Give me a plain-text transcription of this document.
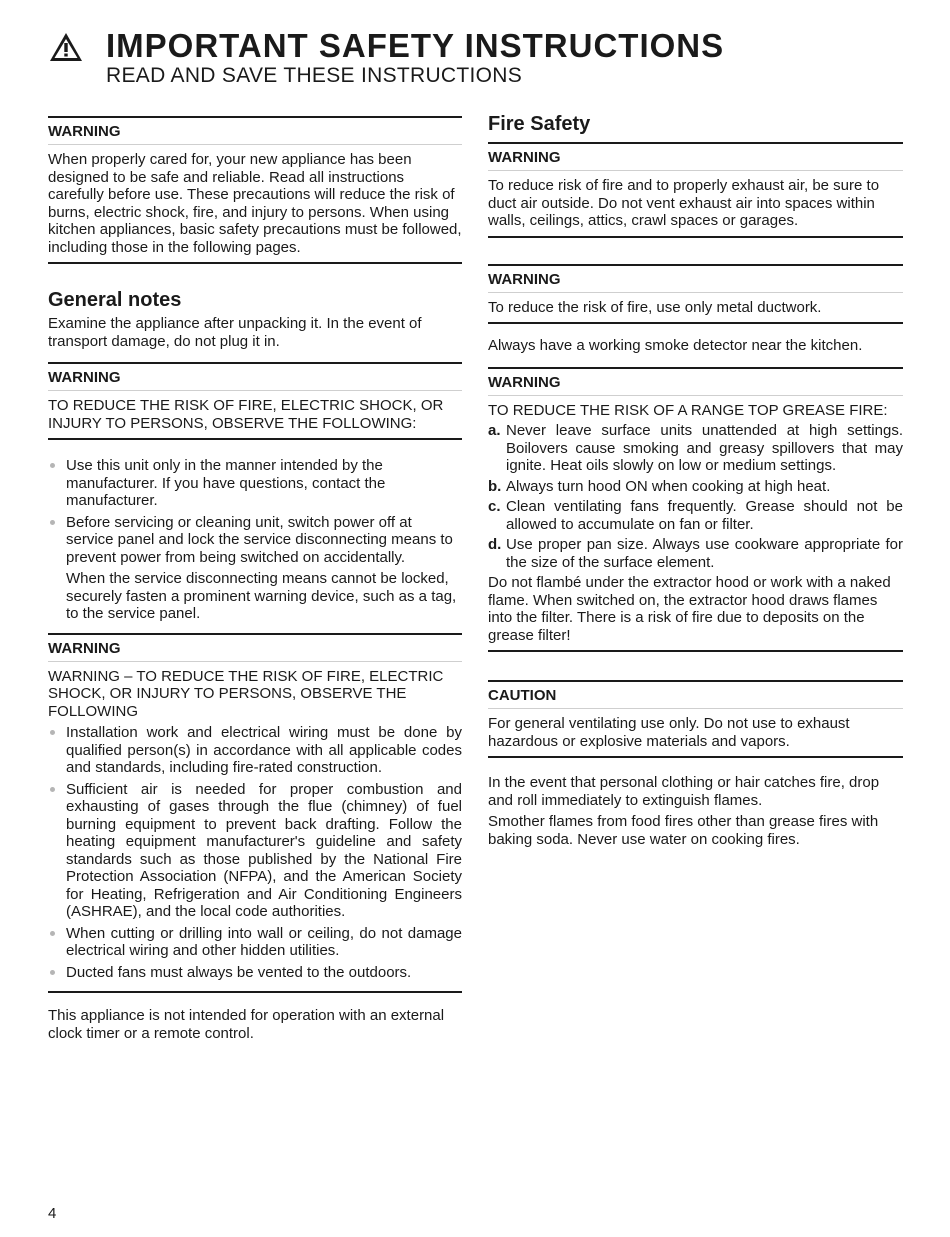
IMPORTANT SAFETY INSTRUCTIONS
READ AND SAVE THESE INSTRUCTIONS
WARNING

When properly cared for, your new appliance has been designed to be safe and reliable. Read all instructions carefully before use. These precautions will reduce the risk of burns, electric shock, fire, and injury to persons. When using kitchen appliances, basic safety precautions must be followed, including those in the following pages.

General notes

Examine the appliance after unpacking it. In the event of transport damage, do not plug it in.

WARNING

TO REDUCE THE RISK OF FIRE, ELECTRIC SHOCK, OR INJURY TO PERSONS, OBSERVE THE FOLLOWING:

Use this unit only in the manner intended by the manufacturer. If you have questions, contact the manufacturer.
Before servicing or cleaning unit, switch power off at service panel and lock the service disconnecting means to prevent power from being switched on accidentally.
When the service disconnecting means cannot be locked, securely fasten a prominent warning device, such as a tag, to the service panel.
WARNING

WARNING – TO REDUCE THE RISK OF FIRE, ELECTRIC SHOCK, OR INJURY TO PERSONS, OBSERVE THE FOLLOWING

Installation work and electrical wiring must be done by qualified person(s) in accordance with all applicable codes and standards, including fire-rated construction.
Sufficient air is needed for proper combustion and exhausting of gases through the flue (chimney) of fuel burning equipment to prevent back drafting. Follow the heating equipment manufacturer's guideline and safety standards such as those published by the National Fire Protection Association (NFPA), and the American Society for Heating, Refrigeration and Air Conditioning Engineers (ASHRAE), and the local code authorities.
When cutting or drilling into wall or ceiling, do not damage electrical wiring and other hidden utilities.
Ducted fans must always be vented to the outdoors.

This appliance is not intended for operation with an external clock timer or a remote control.

Fire Safety
WARNING

To reduce risk of fire and to properly exhaust air, be sure to duct air outside. Do not vent exhaust air into spaces within walls, ceilings, attics, crawl spaces or garages.

WARNING

To reduce the risk of fire, use only metal ductwork.

Always have a working smoke detector near the kitchen.

WARNING

TO REDUCE THE RISK OF A RANGE TOP GREASE FIRE:

a. Never leave surface units unattended at high settings. Boilovers cause smoking and greasy spillovers that may ignite. Heat oils slowly on low or medium settings.
b. Always turn hood ON when cooking at high heat.
c. Clean ventilating fans frequently. Grease should not be allowed to accumulate on fan or filter.
d. Use proper pan size. Always use cookware appropriate for the size of the surface element.

Do not flambé under the extractor hood or work with a naked flame. When switched on, the extractor hood draws flames into the filter. There is a risk of fire due to deposits on the grease filter!

CAUTION

For general ventilating use only. Do not use to exhaust hazardous or explosive materials and vapors.

In the event that personal clothing or hair catches fire, drop and roll immediately to extinguish flames.

Smother flames from food fires other than grease fires with baking soda. Never use water on cooking fires.

4
